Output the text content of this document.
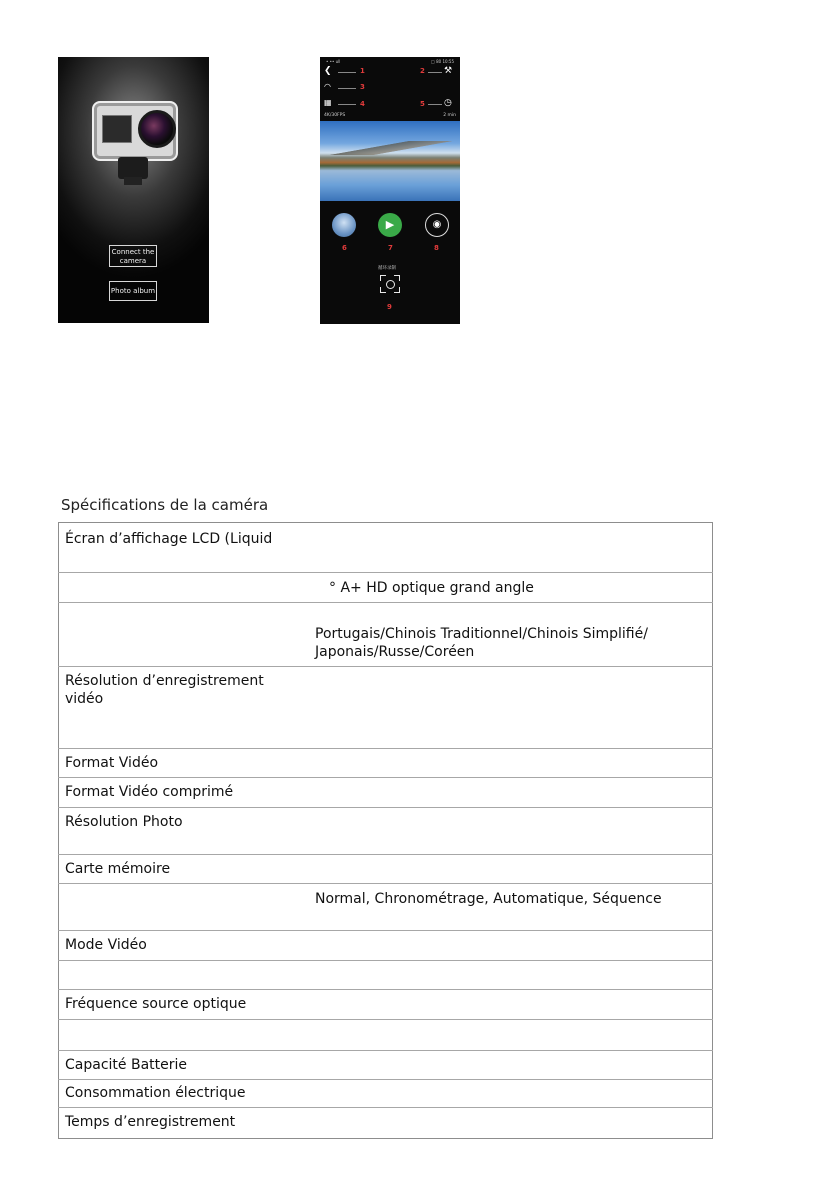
Connect the camera
Photo album
• •• ull	□ 80 10:55
❮	1	2 ⚒
◠	3
▦	4	5 ◷
4K/30FPS	2 min
▶	◉
6	7	8
循环录制
9
Spécifications de la caméra
Écran d’affichage LCD (Liquid	
	° A+ HD optique grand angle
	Portugais/Chinois Traditionnel/Chinois Simplifié/ Japonais/Russe/Coréen
Résolution d’enregistrement vidéo	
Format Vidéo	
Format Vidéo comprimé	
Résolution Photo	
Carte mémoire	
	Normal, Chronométrage, Automatique, Séquence
Mode Vidéo	

Fréquence source optique	

Capacité Batterie	
Consommation électrique	
Temps d’enregistrement	
